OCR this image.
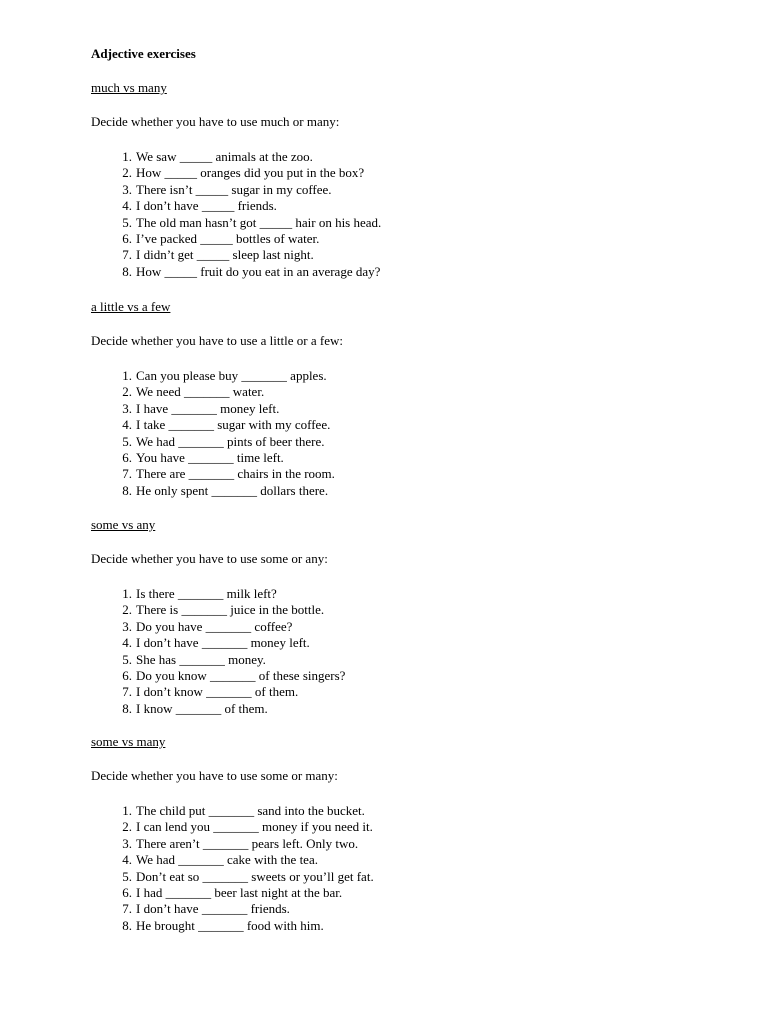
Adjective exercises

much vs many

Decide whether you have to use much or many:

1. We saw _____ animals at the zoo.
2. How _____ oranges did you put in the box?
3. There isn’t _____ sugar in my coffee.
4. I don’t have _____ friends.
5. The old man hasn’t got _____ hair on his head.
6. I’ve packed _____ bottles of water.
7. I didn’t get _____ sleep last night.
8. How _____ fruit do you eat in an average day?

a little vs a few

Decide whether you have to use a little or a few:

1. Can you please buy _______ apples.
2. We need _______ water.
3. I have _______ money left.
4. I take _______ sugar with my coffee.
5. We had _______ pints of beer there.
6. You have _______ time left.
7. There are _______ chairs in the room.
8. He only spent _______ dollars there.

some vs any

Decide whether you have to use some or any:

1. Is there _______ milk left?
2. There is _______ juice in the bottle.
3. Do you have _______ coffee?
4. I don’t have _______ money left.
5. She has _______ money.
6. Do you know _______ of these singers?
7. I don’t know _______ of them.
8. I know _______ of them.

some vs many

Decide whether you have to use some or many:

1. The child put _______ sand into the bucket.
2. I can lend you _______ money if you need it.
3. There aren’t _______ pears left. Only two.
4. We had _______ cake with the tea.
5. Don’t eat so _______ sweets or you’ll get fat.
6. I had _______ beer last night at the bar.
7. I don’t have _______ friends.
8. He brought _______ food with him.
